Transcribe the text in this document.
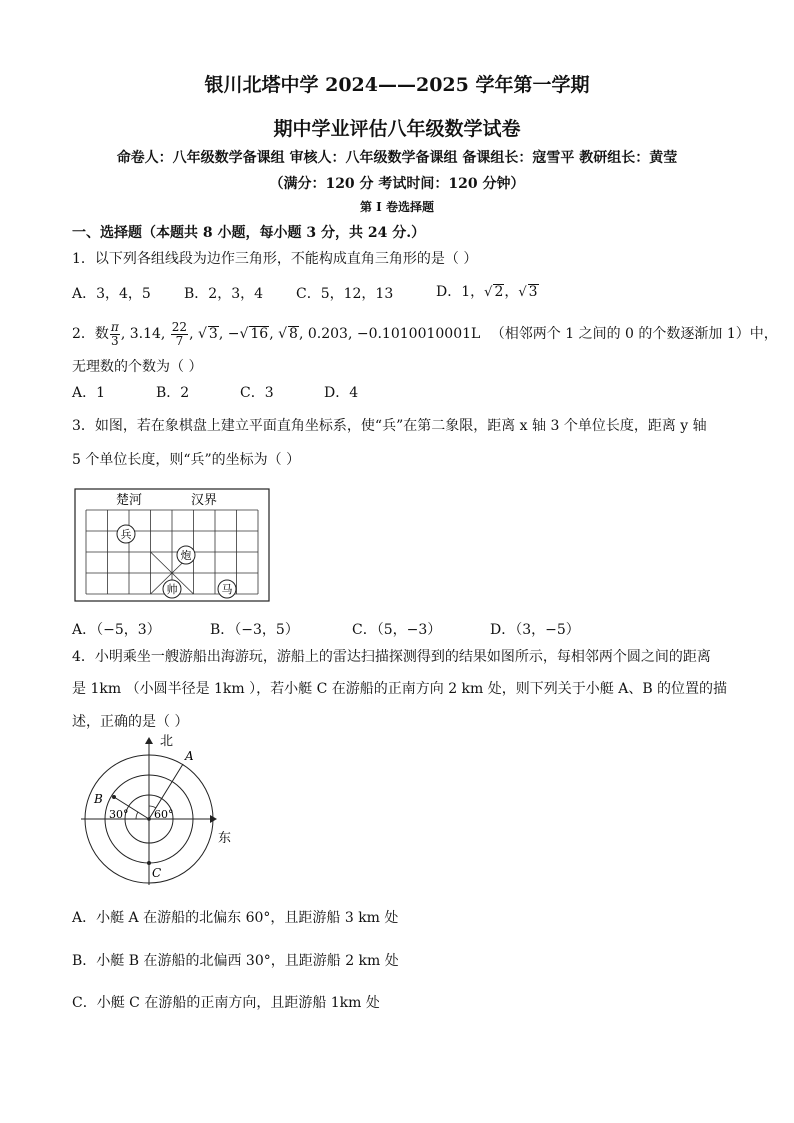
银川北塔中学 2024——2025 学年第一学期
期中学业评估八年级数学试卷
命卷人：八年级数学备课组 审核人：八年级数学备课组 备课组长：寇雪平 教研组长：黄莹
（满分：120 分 考试时间：120 分钟）
第 I 卷选择题
一、选择题（本题共 8 小题，每小题 3 分，共 24 分.）
1．以下列各组线段为边作三角形，不能构成直角三角形的是（ ）
A．3，4，5 B．2，3，4 C．5，12，13	D．1，√ 2，√ 3
2．数 $\frac{\pi}{3}$ , 3.14, $\frac{22}{7}$ , √ 3, −√ 16, √ 8, 0.203, −0.1010010001L （相邻两个 1 之间的 0 的个数逐渐加 1）中，
无理数的个数为（ ）
A．1	B．2	C．3	D．4
3．如图，若在象棋盘上建立平面直角坐标系，使“兵”在第二象限，距离 x 轴 3 个单位长度，距离 y 轴
5 个单位长度，则“兵”的坐标为（ ）
楚河	汉界
兵
炮
帅	马
A．（−5，3）	B．（−3，5）	C．（5，−3）	D．（3，−5）
4．小明乘坐一艘游船出海游玩，游船上的雷达扫描探测得到的结果如图所示，每相邻两个圆之间的距离
是 1km （小圆半径是 1km ），若小艇 C 在游船的正南方向 2 km 处，则下列关于小艇 A、B 的位置的描
述，正确的是（ ）
北
东
A
B
C
30° 60°
A．小艇 A 在游船的北偏东 60°，且距游船 3 km 处
B．小艇 B 在游船的北偏西 30°，且距游船 2 km 处
C．小艇 C 在游船的正南方向，且距游船 1km 处
